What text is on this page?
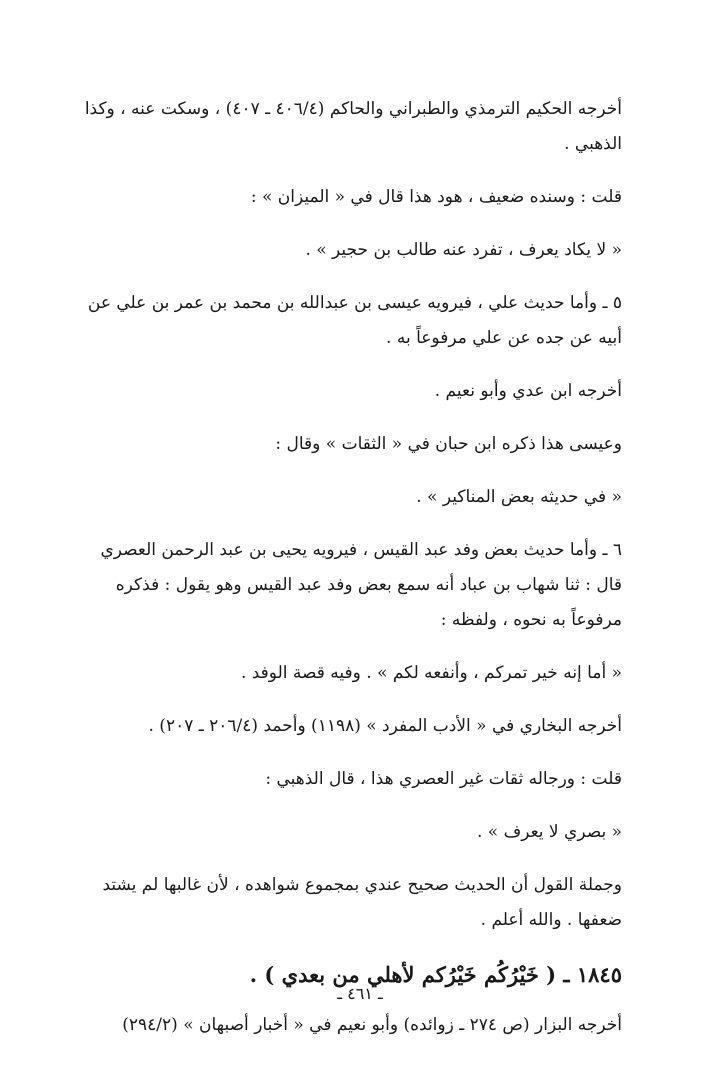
أخرجه الحكيم الترمذي والطبراني والحاكم (٤٠٦/٤ ـ ٤٠٧) ، وسكت عنه ، وكذا الذهبي .

قلت : وسنده ضعيف ، هود هذا قال في « الميزان » :

« لا يكاد يعرف ، تفرد عنه طالب بن حجير » .

٥ ـ وأما حديث علي ، فيرويه عيسى بن عبدالله بن محمد بن عمر بن علي عن أبيه عن جده عن علي مرفوعاً به .

أخرجه ابن عدي وأبو نعيم .

وعيسى هذا ذكره ابن حبان في « الثقات » وقال :

« في حديثه بعض المناكير » .

٦ ـ وأما حديث بعض وفد عبد القيس ، فيرويه يحيى بن عبد الرحمن العصري قال : ثنا شهاب بن عباد أنه سمع بعض وفد عبد القيس وهو يقول : فذكره مرفوعاً به نحوه ، ولفظه :

« أما إنه خير تمركم ، وأنفعه لكم » . وفيه قصة الوفد .

أخرجه البخاري في « الأدب المفرد » (١١٩٨) وأحمد (٢٠٦/٤ ـ ٢٠٧) .

قلت : ورجاله ثقات غير العصري هذا ، قال الذهبي :

« بصري لا يعرف » .

وجملة القول أن الحديث صحيح عندي بمجموع شواهده ، لأن غالبها لم يشتد ضعفها . والله أعلم .

١٨٤٥ ـ ( خَيْرُكُم خَيْرُكم لأهلي من بعدي ) .

أخرجه البزار (ص ٢٧٤ ـ زوائده) وأبو نعيم في « أخبار أصبهان » (٢٩٤/٢)

ـ ٤٦١ ـ
